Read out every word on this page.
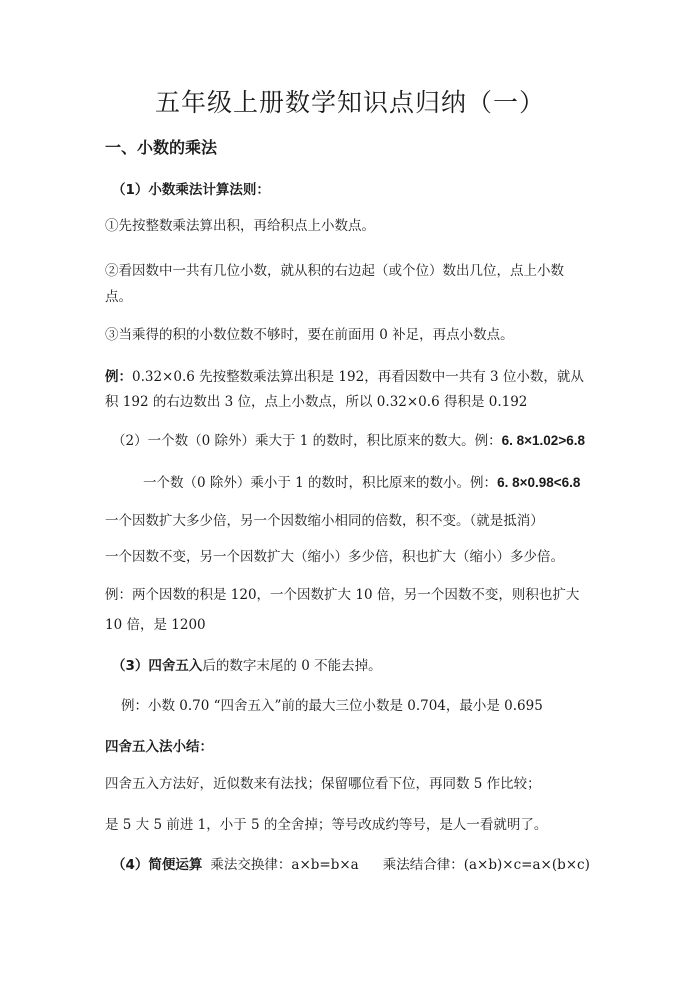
五年级上册数学知识点归纳（一）
一、小数的乘法
（1）小数乘法计算法则：
①先按整数乘法算出积，再给积点上小数点。
②看因数中一共有几位小数，就从积的右边起（或个位）数出几位，点上小数
点。
③当乘得的积的小数位数不够时，要在前面用 0 补足，再点小数点。
例：0.32×0.6 先按整数乘法算出积是 192，再看因数中一共有 3 位小数，就从
积 192 的右边数出 3 位，点上小数点，所以 0.32×0.6 得积是 0.192
（2）一个数（0 除外）乘大于 1 的数时，积比原来的数大。例：6. 8×1.02>6.8
一个数（0 除外）乘小于 1 的数时，积比原来的数小。例：6. 8×0.98<6.8
一个因数扩大多少倍，另一个因数缩小相同的倍数，积不变。（就是抵消）
一个因数不变，另一个因数扩大（缩小）多少倍，积也扩大（缩小）多少倍。
例：两个因数的积是 120，一个因数扩大 10 倍，另一个因数不变，则积也扩大
10 倍，是 1200
（3）四舍五入后的数字末尾的 0 不能去掉。
例：小数 0.70 “四舍五入”前的最大三位小数是 0.704，最小是 0.695
四舍五入法小结：
四舍五入方法好，近似数来有法找；保留哪位看下位，再同数 5 作比较；
是 5 大 5 前进 1，小于 5 的全舍掉；等号改成约等号，是人一看就明了。
（4）简便运算 乘法交换律：a×b=b×a 乘法结合律：(a×b)×c=a×(b×c)
